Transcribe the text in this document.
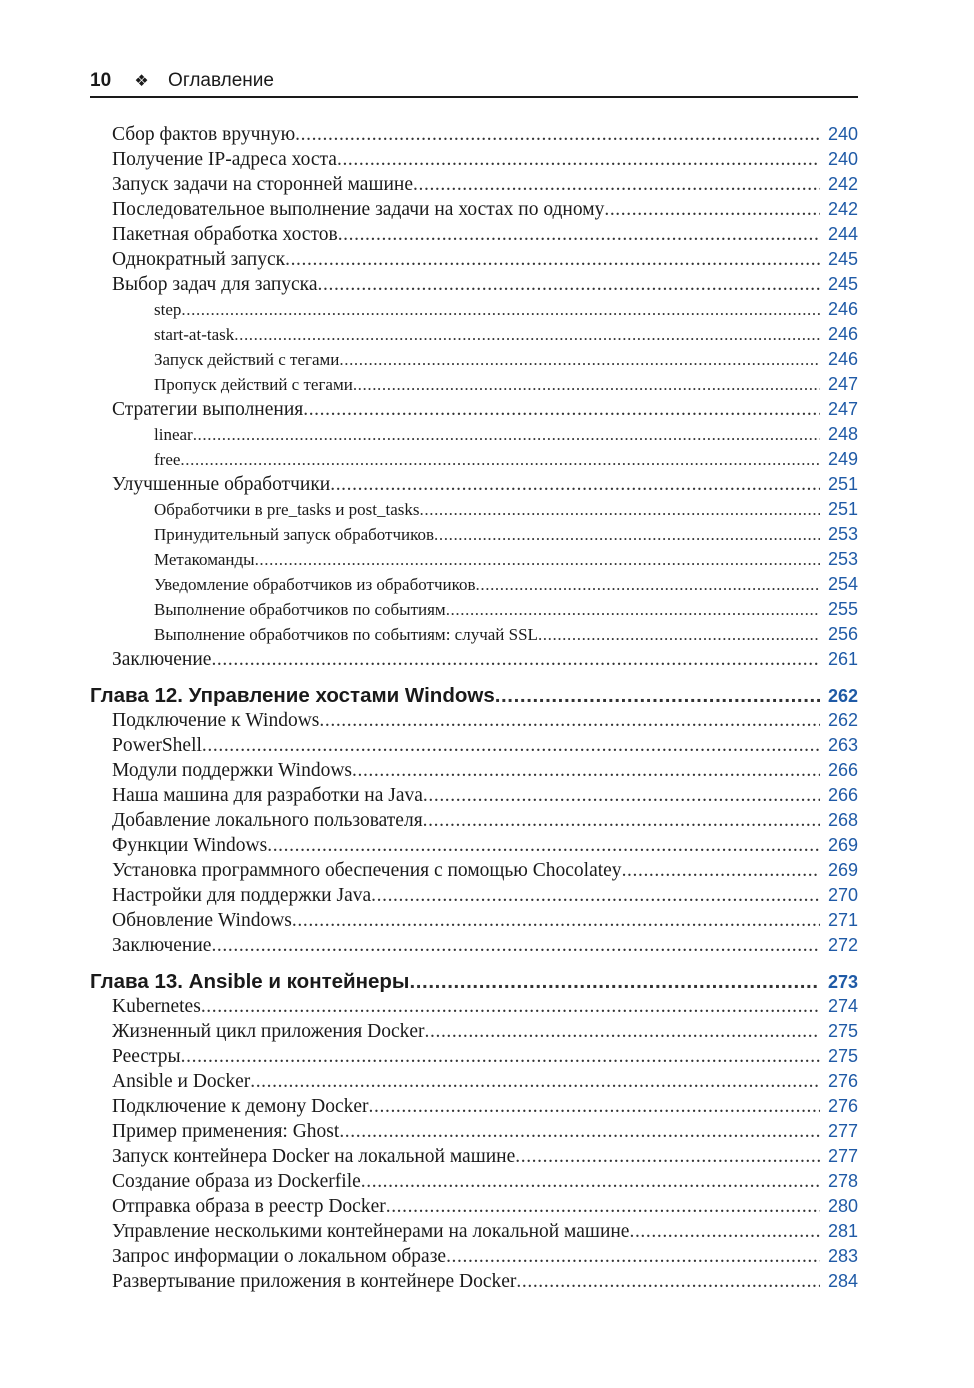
10 ❖ Оглавление
Сбор фактов вручную .....	240
Получение IP-адреса хоста .....	240
Запуск задачи на сторонней машине .....	242
Последовательное выполнение задачи на хостах по одному .....	242
Пакетная обработка хостов .....	244
Однократный запуск .....	245
Выбор задач для запуска .....	245
step .....	246
start-at-task .....	246
Запуск действий с тегами .....	246
Пропуск действий с тегами .....	247
Стратегии выполнения .....	247
linear .....	248
free .....	249
Улучшенные обработчики .....	251
Обработчики в pre_tasks и post_tasks .....	251
Принудительный запуск обработчиков .....	253
Метакоманды .....	253
Уведомление обработчиков из обработчиков .....	254
Выполнение обработчиков по событиям .....	255
Выполнение обработчиков по событиям: случай SSL .....	256
Заключение .....	261
Глава 12. Управление хостами Windows .....	262
Подключение к Windows .....	262
PowerShell .....	263
Модули поддержки Windows .....	266
Наша машина для разработки на Java .....	266
Добавление локального пользователя .....	268
Функции Windows .....	269
Установка программного обеспечения с помощью Chocolatey .....	269
Настройки для поддержки Java .....	270
Обновление Windows .....	271
Заключение .....	272
Глава 13. Ansible и контейнеры .....	273
Kubernetes .....	274
Жизненный цикл приложения Docker .....	275
Реестры .....	275
Ansible и Docker .....	276
Подключение к демону Docker .....	276
Пример применения: Ghost .....	277
Запуск контейнера Docker на локальной машине .....	277
Создание образа из Dockerfile .....	278
Отправка образа в реестр Docker .....	280
Управление несколькими контейнерами на локальной машине .....	281
Запрос информации о локальном образе .....	283
Развертывание приложения в контейнере Docker .....	284
